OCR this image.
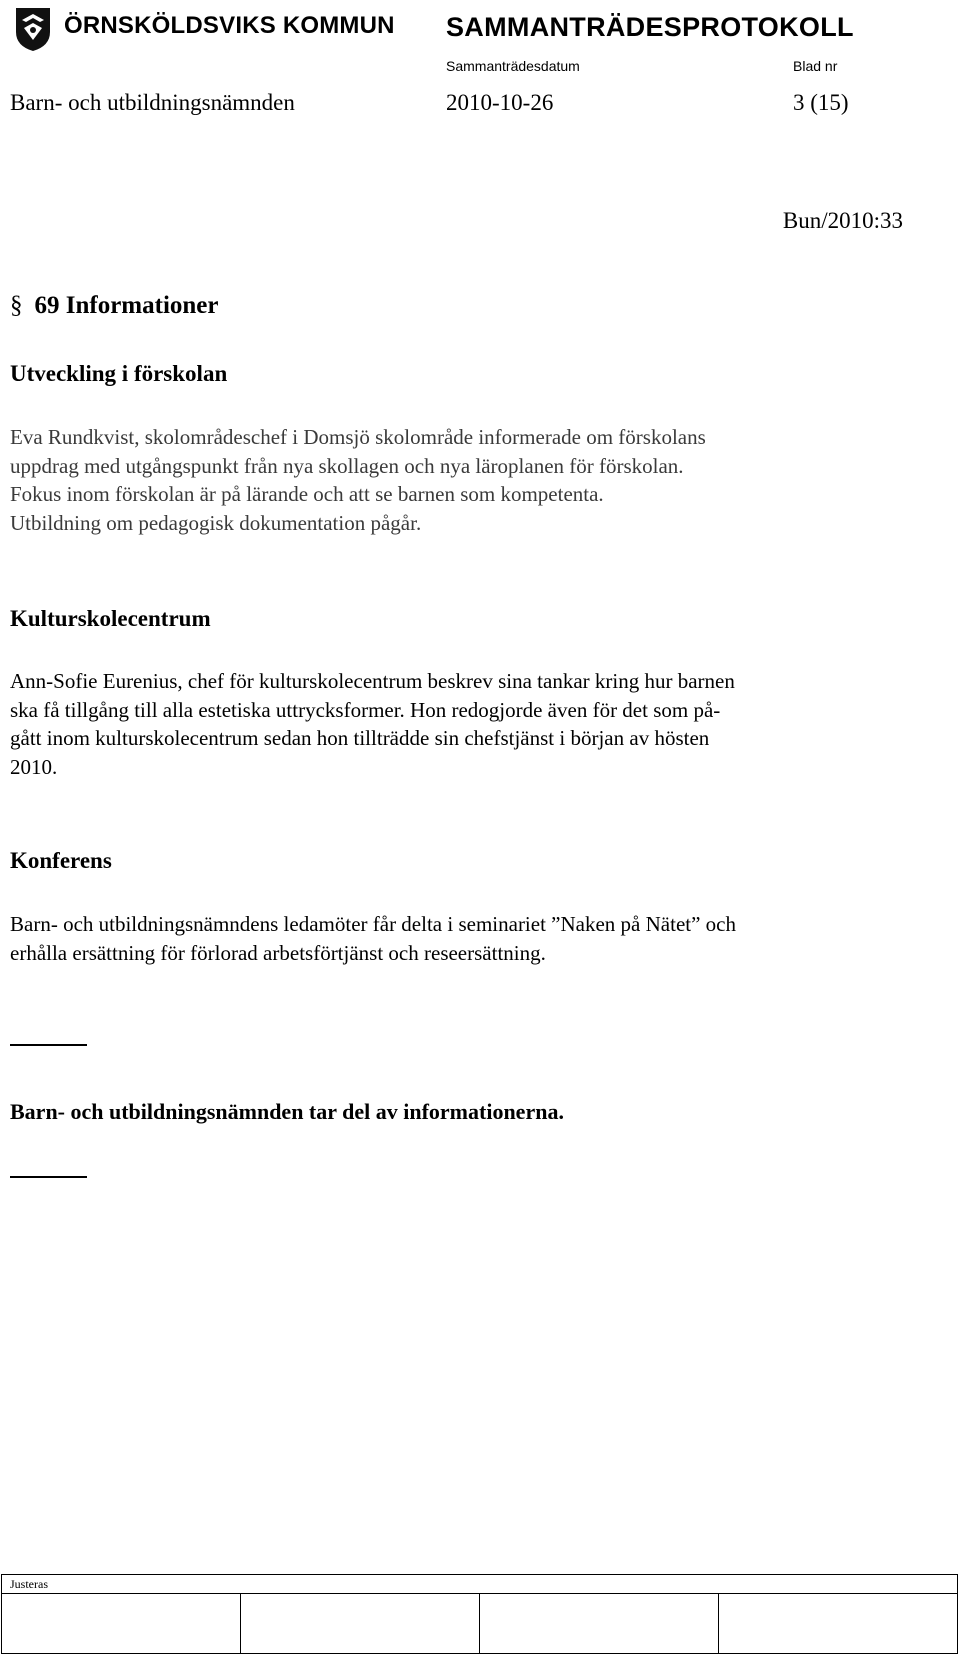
ÖRNSKÖLDSVIKS KOMMUN SAMMANTRÄDESPROTOKOLL
Sammanträdesdatum	Blad nr
Barn- och utbildningsnämnden	2010-10-26	3 (15)
Bun/2010:33
§ 69 Informationer
Utveckling i förskolan
Eva Rundkvist, skolområdeschef i Domsjö skolområde informerade om förskolans
uppdrag med utgångspunkt från nya skollagen och nya läroplanen för förskolan.
Fokus inom förskolan är på lärande och att se barnen som kompetenta.
Utbildning om pedagogisk dokumentation pågår.
Kulturskolecentrum
Ann-Sofie Eurenius, chef för kulturskolecentrum beskrev sina tankar kring hur barnen
ska få tillgång till alla estetiska uttrycksformer. Hon redogjorde även för det som på-
gått inom kulturskolecentrum sedan hon tillträdde sin chefstjänst i början av hösten
2010.
Konferens
Barn- och utbildningsnämndens ledamöter får delta i seminariet ”Naken på Nätet” och
erhålla ersättning för förlorad arbetsförtjänst och reseersättning.
Barn- och utbildningsnämnden tar del av informationerna.
Justeras
